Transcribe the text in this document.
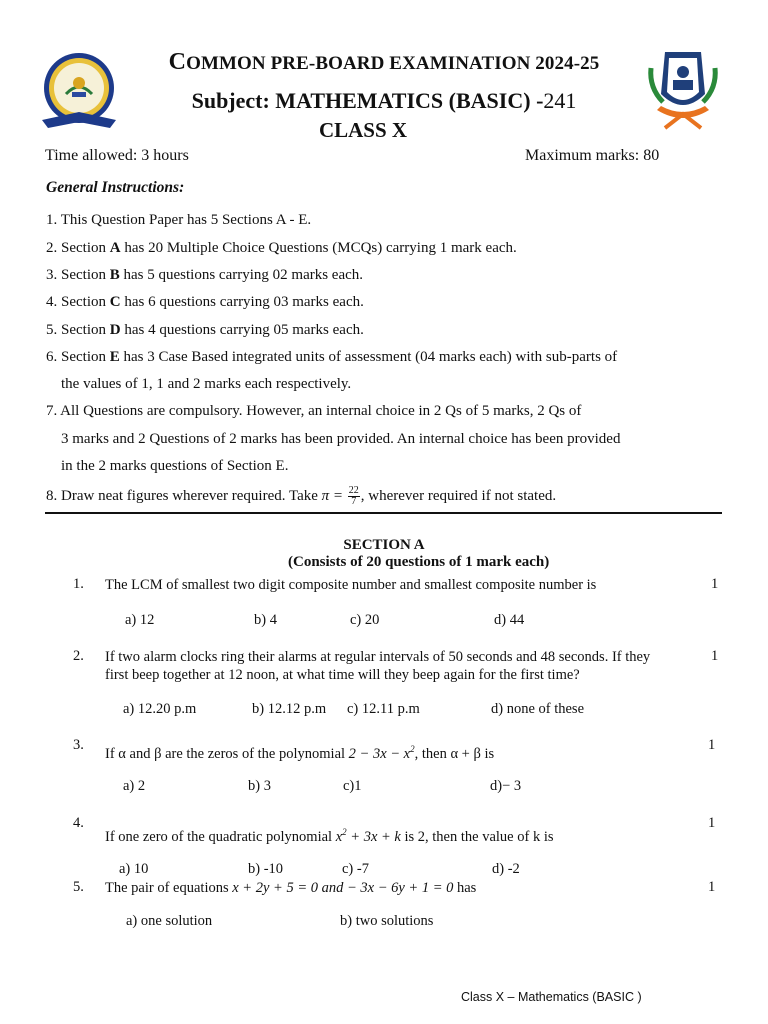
COMMON PRE-BOARD EXAMINATION 2024-25
Subject: MATHEMATICS (BASIC) -241
CLASS X
Time allowed: 3 hours	Maximum marks: 80
General Instructions:
1. This Question Paper has 5 Sections A - E.
2. Section A has 20 Multiple Choice Questions (MCQs) carrying 1 mark each.
3. Section B has 5 questions carrying 02 marks each.
4. Section C has 6 questions carrying 03 marks each.
5. Section D has 4 questions carrying 05 marks each.
6. Section E has 3 Case Based integrated units of assessment (04 marks each) with sub-parts of
the values of 1, 1 and 2 marks each respectively.
7. All Questions are compulsory. However, an internal choice in 2 Qs of 5 marks, 2 Qs of
3 marks and 2 Questions of 2 marks has been provided. An internal choice has been provided
in the 2 marks questions of Section E.
8. Draw neat figures wherever required. Take $\pi = \frac{22}{7}$ , wherever required if not stated.
SECTION A
(Consists of 20 questions of 1 mark each)
1. The LCM of smallest two digit composite number and smallest composite number is	1
a) 12	b) 4	c) 20	d) 44
2. If two alarm clocks ring their alarms at regular intervals of 50 seconds and 48 seconds. If they
first beep together at 12 noon, at what time will they beep again for the first time?
1
a) 12.20 p.m	b) 12.12 p.m c) 12.11 p.m	d) none of these
3.
If α and β are the zeros of the polynomial $2 - 3x - x^2$, then α + β is
1
a) 2	b) 3	c)1	d)− 3
4.
If one zero of the quadratic polynomial $x^2 + 3x + k$ is 2, then the value of k is
1
a) 10	b) -10	c) -7	d) -2
5. The pair of equations x + 2y + 5 = 0 and − 3x − 6y + 1 = 0 has	1
a) one solution	b) two solutions
Class X – Mathematics (BASIC )
